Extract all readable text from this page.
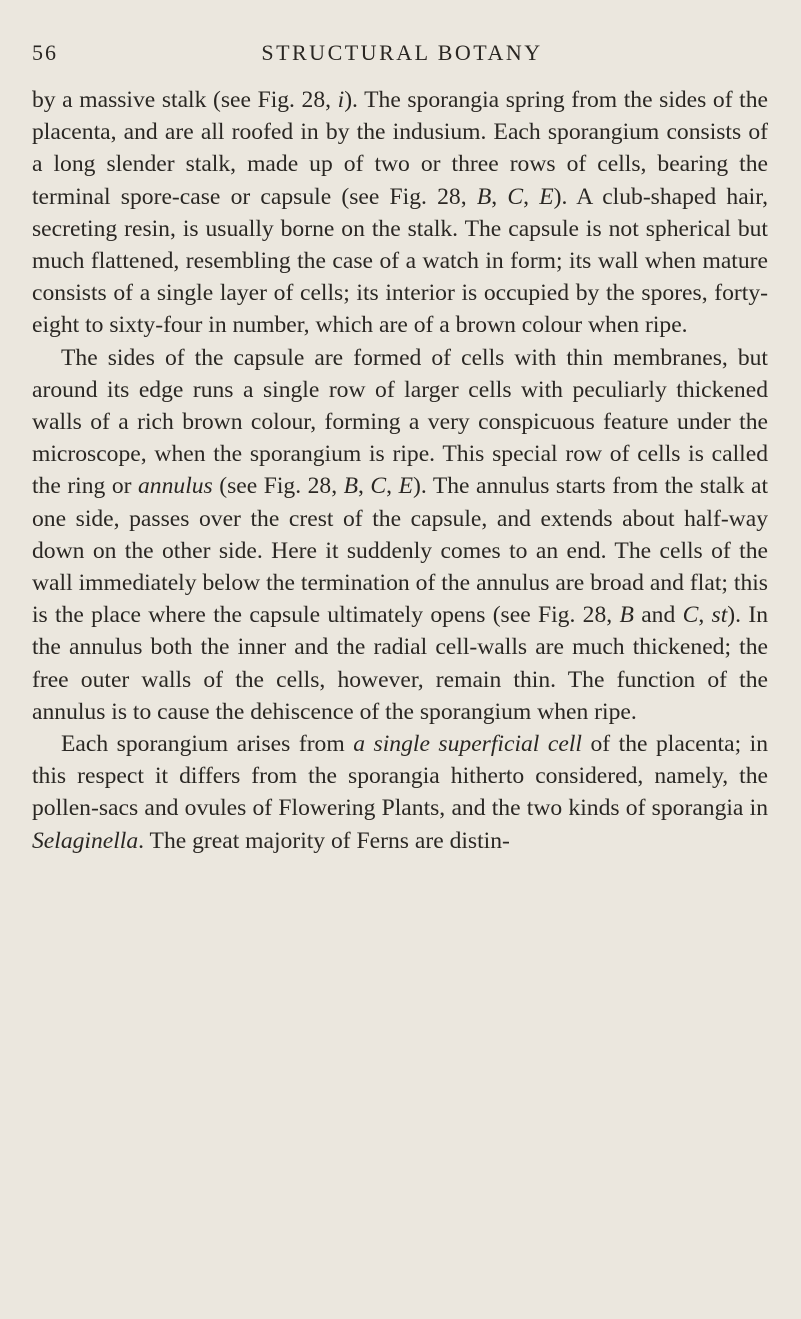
56	STRUCTURAL BOTANY

by a massive stalk (see Fig. 28, i). The sporangia spring from the sides of the placenta, and are all roofed in by the indusium. Each sporangium consists of a long slender stalk, made up of two or three rows of cells, bearing the terminal spore-case or capsule (see Fig. 28, B, C, E). A club-shaped hair, secreting resin, is usually borne on the stalk. The capsule is not spherical but much flattened, resembling the case of a watch in form; its wall when mature consists of a single layer of cells; its interior is occupied by the spores, forty-eight to sixty-four in number, which are of a brown colour when ripe.

The sides of the capsule are formed of cells with thin membranes, but around its edge runs a single row of larger cells with peculiarly thickened walls of a rich brown colour, forming a very conspicuous feature under the microscope, when the sporangium is ripe. This special row of cells is called the ring or annulus (see Fig. 28, B, C, E). The annulus starts from the stalk at one side, passes over the crest of the capsule, and extends about half-way down on the other side. Here it suddenly comes to an end. The cells of the wall immediately below the termination of the annulus are broad and flat; this is the place where the capsule ultimately opens (see Fig. 28, B and C, st). In the annulus both the inner and the radial cell-walls are much thickened; the free outer walls of the cells, however, remain thin. The function of the annulus is to cause the dehiscence of the sporangium when ripe.

Each sporangium arises from a single superficial cell of the placenta; in this respect it differs from the sporangia hitherto considered, namely, the pollen-sacs and ovules of Flowering Plants, and the two kinds of sporangia in Selaginella. The great majority of Ferns are distin-
